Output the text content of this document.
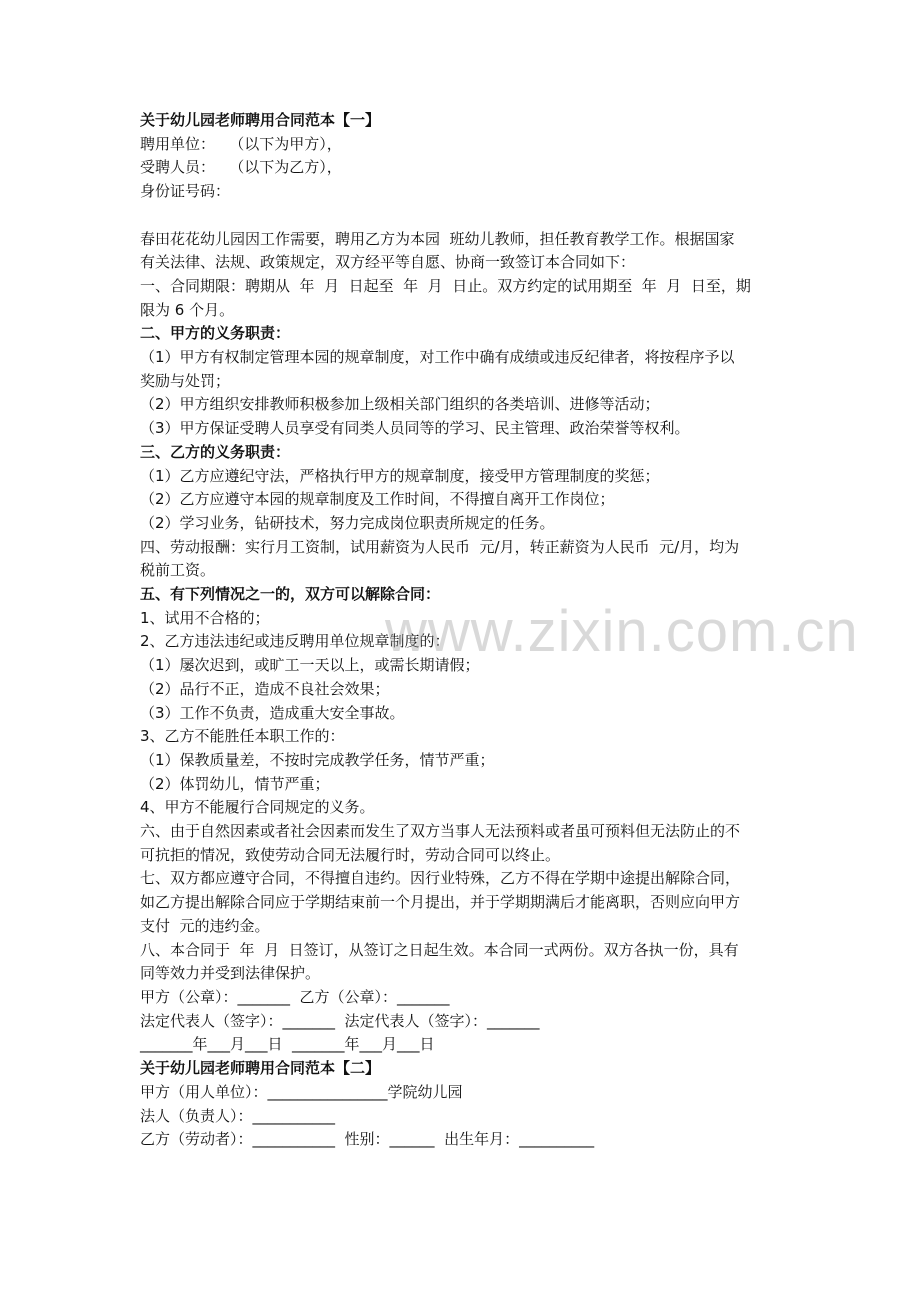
关于幼儿园老师聘用合同范本【一】

聘用单位：   （以下为甲方），

受聘人员：   （以下为乙方），

身份证号码：

春田花花幼儿园因工作需要，聘用乙方为本园  班幼儿教师，担任教育教学工作。根据国家

有关法律、法规、政策规定，双方经平等自愿、协商一致签订本合同如下：

一、合同期限：聘期从  年  月  日起至  年  月  日止。双方约定的试用期至  年  月  日至，期

限为 6 个月。

二、甲方的义务职责：

（1）甲方有权制定管理本园的规章制度，对工作中确有成绩或违反纪律者，将按程序予以

奖励与处罚；

（2）甲方组织安排教师积极参加上级相关部门组织的各类培训、进修等活动；

（3）甲方保证受聘人员享受有同类人员同等的学习、民主管理、政治荣誉等权利。

三、乙方的义务职责：

（1）乙方应遵纪守法，严格执行甲方的规章制度，接受甲方管理制度的奖惩；

（2）乙方应遵守本园的规章制度及工作时间，不得擅自离开工作岗位；

（2）学习业务，钻研技术，努力完成岗位职责所规定的任务。

四、劳动报酬：实行月工资制，试用薪资为人民币  元/月，转正薪资为人民币  元/月，均为

税前工资。

五、有下列情况之一的，双方可以解除合同：

1、试用不合格的；

2、乙方违法违纪或违反聘用单位规章制度的：

（1）屡次迟到，或旷工一天以上，或需长期请假；

（2）品行不正，造成不良社会效果；

（3）工作不负责，造成重大安全事故。

3、乙方不能胜任本职工作的：

（1）保教质量差，不按时完成教学任务，情节严重；

（2）体罚幼儿，情节严重；

4、甲方不能履行合同规定的义务。

六、由于自然因素或者社会因素而发生了双方当事人无法预料或者虽可预料但无法防止的不

可抗拒的情况，致使劳动合同无法履行时，劳动合同可以终止。

七、双方都应遵守合同，不得擅自违约。因行业特殊，乙方不得在学期中途提出解除合同，

如乙方提出解除合同应于学期结束前一个月提出，并于学期期满后才能离职，否则应向甲方

支付  元的违约金。

八、本合同于  年  月  日签订，从签订之日起生效。本合同一式两份。双方各执一份，具有

同等效力并受到法律保护。

甲方（公章）：_______  乙方（公章）：_______

法定代表人（签字）：_______  法定代表人（签字）：_______

_______年___月___日  _______年___月___日

关于幼儿园老师聘用合同范本【二】

甲方（用人单位）：________________学院幼儿园

法人（负责人）：___________

乙方（劳动者）：___________  性别：______  出生年月：__________

www.zixin.com.cn
